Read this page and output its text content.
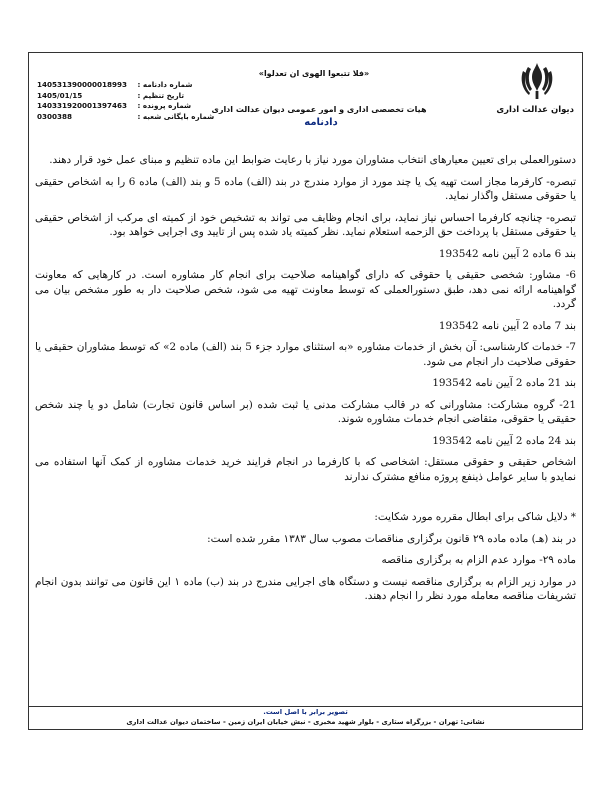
دیوان عدالت اداری
«فلا تتبعوا الهوی ان تعدلوا»
هیات تخصصی اداری و امور عمومی دیوان عدالت اداری
دادنامه
140531390000018993 شماره دادنامه :
1405/01/15	تاریخ تنظیم :
140331920001397463 شماره پرونده :
0300388	شماره بایگانی شعبه :

دستورالعملی برای تعیین معیارهای انتخاب مشاوران مورد نیاز با رعایت ضوابط این ماده تنظیم و مبنای عمل خود قرار دهند.

تبصره- کارفرما مجاز است تهیه یک یا چند مورد از موارد مندرج در بند (الف) ماده 5 و بند (الف) ماده 6 را به اشخاص حقیقی یا حقوقی مستقل واگذار نماید.

تبصره- چنانچه کارفرما احساس نیاز نماید، برای انجام وظایف می تواند به تشخیص خود از کمیته ای مرکب از اشخاص حقیقی یا حقوقی مستقل با پرداخت حق الزحمه استعلام نماید. نظر کمیته یاد شده پس از تایید وی اجرایی خواهد بود.

بند 6 ماده 2 آیین نامه 193542

6- مشاور: شخصی حقیقی یا حقوقی که دارای گواهینامه صلاحیت برای انجام کار مشاوره است. در کارهایی که معاونت گواهینامه ارائه نمی دهد، طبق دستورالعملی که توسط معاونت تهیه می شود، شخص صلاحیت دار به طور مشخص بیان می گردد.

بند 7 ماده 2 آیین نامه 193542

7- خدمات کارشناسی: آن بخش از خدمات مشاوره «به استثنای موارد جزء 5 بند (الف) ماده 2» که توسط مشاوران حقیقی یا حقوقی صلاحیت دار انجام می شود.

بند 21 ماده 2 آیین نامه 193542

21- گروه مشارکت: مشاورانی که در قالب مشارکت مدنی یا ثبت شده (بر اساس قانون تجارت) شامل دو یا چند شخص حقیقی یا حقوقی، متقاضی انجام خدمات مشاوره شوند.

بند 24 ماده 2 آیین نامه 193542

اشخاص حقیقی و حقوقی مستقل: اشخاصی که با کارفرما در انجام فرایند خرید خدمات مشاوره از کمک آنها استفاده می نمایدو با سایر عوامل ذینفع پروژه منافع مشترک ندارند

* دلایل شاکی برای ابطال مقرره مورد شکایت:

در بند (هـ) ماده ماده ۲۹ قانون برگزاری مناقصات مصوب سال ۱۳۸۳ مقرر شده است:

ماده ۲۹- موارد عدم الزام به برگزاری مناقصه

در موارد زیر الزام به برگزاری مناقصه نیست و دستگاه های اجرایی مندرج در بند (ب) ماده ۱ این قانون می توانند بدون انجام تشریفات مناقصه معامله مورد نظر را انجام دهند.

تصویر برابر با اصل است.
نشانی: تهران - بزرگراه ستاری - بلوار شهید مخبری - نبش خیابان ایران زمین - ساختمان دیوان عدالت اداری
